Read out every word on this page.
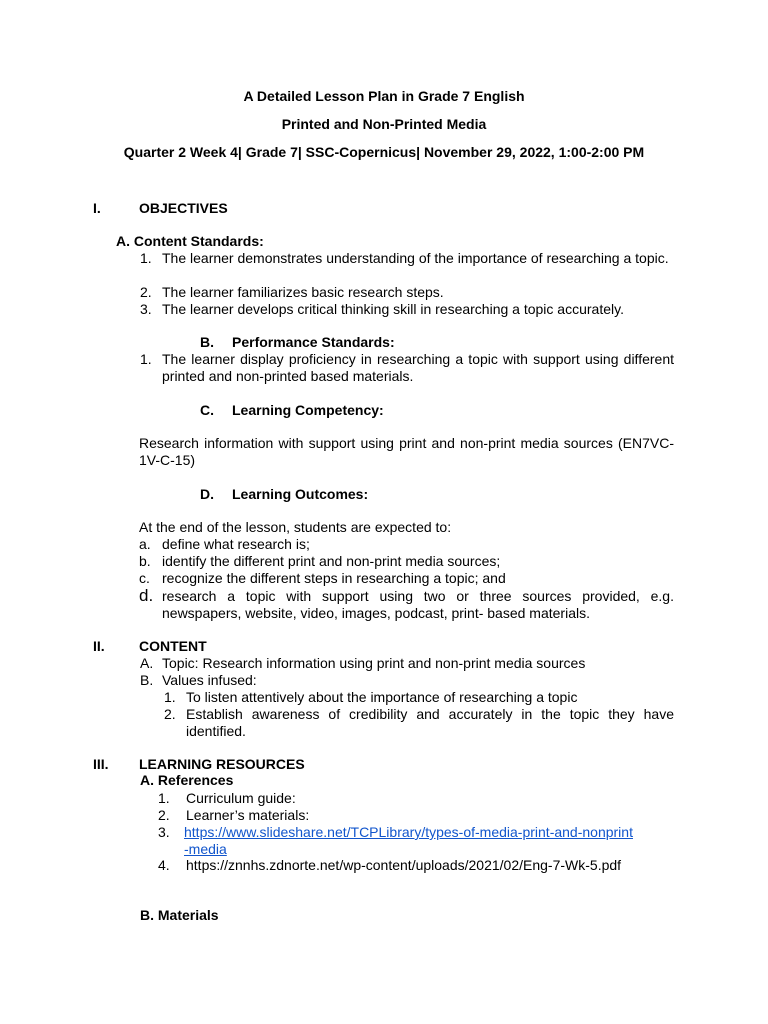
A Detailed Lesson Plan in Grade 7 English
Printed and Non-Printed Media
Quarter 2 Week 4| Grade 7| SSC-Copernicus| November 29, 2022, 1:00-2:00 PM
I.	OBJECTIVES
A. Content Standards:
1. The learner demonstrates understanding of the importance of researching a topic.
2. The learner familiarizes basic research steps.
3. The learner develops critical thinking skill in researching a topic accurately.
B. Performance Standards:
1. The learner display proficiency in researching a topic with support using different printed and non-printed based materials.
C. Learning Competency:
Research information with support using print and non-print media sources (EN7VC-1V-C-15)
D. Learning Outcomes:
At the end of the lesson, students are expected to:
a. define what research is;
b. identify the different print and non-print media sources;
c. recognize the different steps in researching a topic; and
d. research a topic with support using two or three sources provided, e.g. newspapers, website, video, images, podcast, print- based materials.
II. CONTENT
A. Topic: Research information using print and non-print media sources
B. Values infused:
1. To listen attentively about the importance of researching a topic
2. Establish awareness of credibility and accurately in the topic they have identified.
III. LEARNING RESOURCES
A. References
1. Curriculum guide:
2. Learner’s materials:
3. https://www.slideshare.net/TCPLibrary/types-of-media-print-and-nonprint-media
4. https://znnhs.zdnorte.net/wp-content/uploads/2021/02/Eng-7-Wk-5.pdf
B. Materials
